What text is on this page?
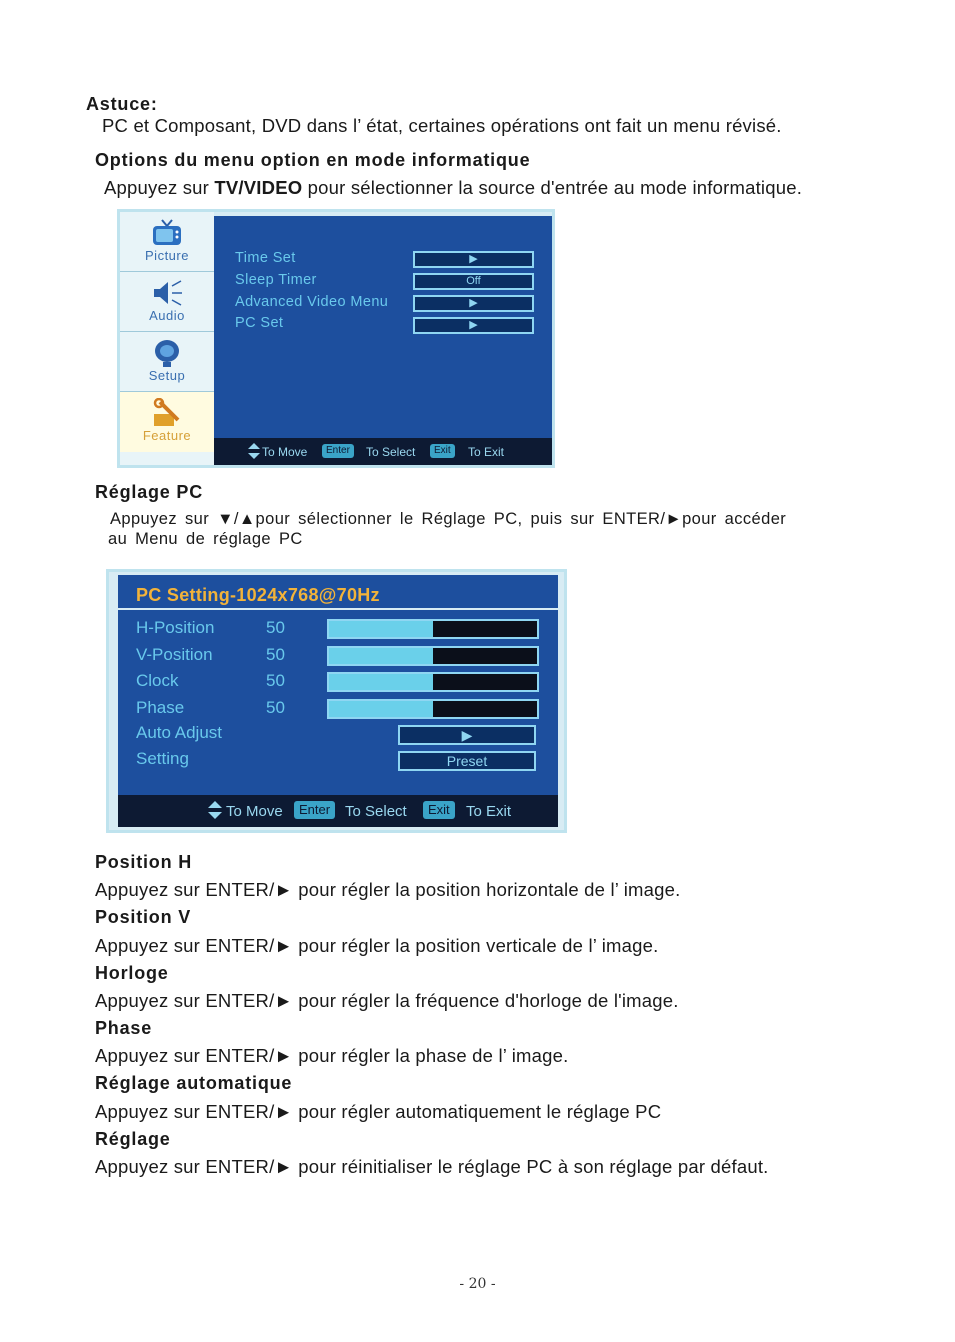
Astuce:
PC et Composant, DVD dans l’ état, certaines opérations ont fait un menu révisé.
Options du menu option en mode informatique
Appuyez sur TV/VIDEO pour sélectionner la source d'entrée au mode informatique.
Picture
Audio
Setup
Feature
Time Set	▶
Sleep Timer	Off
Advanced Video Menu	▶
PC Set	▶
To Move	Enter	To Select	Exit	To Exit
Réglage PC
Appuyez sur ▼/▲pour sélectionner le Réglage PC, puis sur ENTER/►pour accéder
au Menu de réglage PC
PC Setting-1024x768@70Hz
H-Position	50
V-Position	50
Clock	50
Phase	50
Auto Adjust	▶
Setting	Preset
To Move	Enter To Select	Exit	To Exit
Position H
Appuyez sur ENTER/► pour régler la position horizontale de l’ image.
Position V
Appuyez sur ENTER/► pour régler la position verticale de l’ image.
Horloge
Appuyez sur ENTER/► pour régler la fréquence d'horloge de l'image.
Phase
Appuyez sur ENTER/► pour régler la phase de l’ image.
Réglage automatique
Appuyez sur ENTER/► pour régler automatiquement le réglage PC
Réglage
Appuyez sur ENTER/► pour réinitialiser le réglage PC à son réglage par défaut.
- 20 -
